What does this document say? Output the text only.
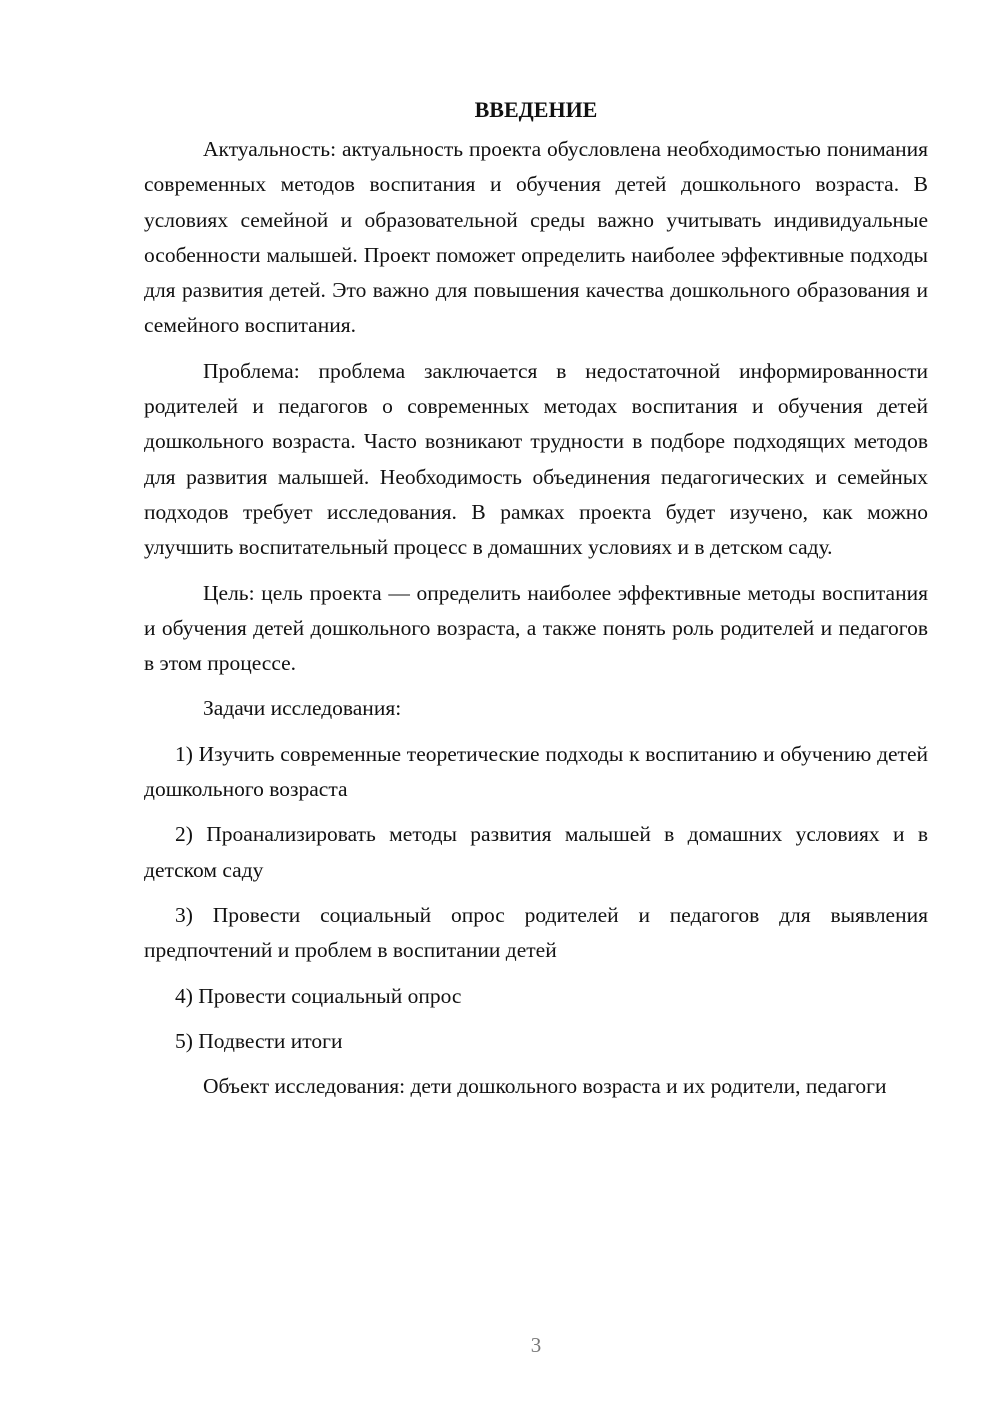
ВВЕДЕНИЕ

Актуальность: актуальность проекта обусловлена необходимостью понимания современных методов воспитания и обучения детей дошкольного возраста. В условиях семейной и образовательной среды важно учитывать индивидуальные особенности малышей. Проект поможет определить наиболее эффективные подходы для развития детей. Это важно для повышения качества дошкольного образования и семейного воспитания.

Проблема: проблема заключается в недостаточной информированности родителей и педагогов о современных методах воспитания и обучения детей дошкольного возраста. Часто возникают трудности в подборе подходящих методов для развития малышей. Необходимость объединения педагогических и семейных подходов требует исследования. В рамках проекта будет изучено, как можно улучшить воспитательный процесс в домашних условиях и в детском саду.

Цель: цель проекта — определить наиболее эффективные методы воспитания и обучения детей дошкольного возраста, а также понять роль родителей и педагогов в этом процессе.

Задачи исследования:

1) Изучить современные теоретические подходы к воспитанию и обучению детей дошкольного возраста

2) Проанализировать методы развития малышей в домашних условиях и в детском саду

3) Провести социальный опрос родителей и педагогов для выявления предпочтений и проблем в воспитании детей

4) Провести социальный опрос

5) Подвести итоги

Объект исследования: дети дошкольного возраста и их родители, педагоги

3
